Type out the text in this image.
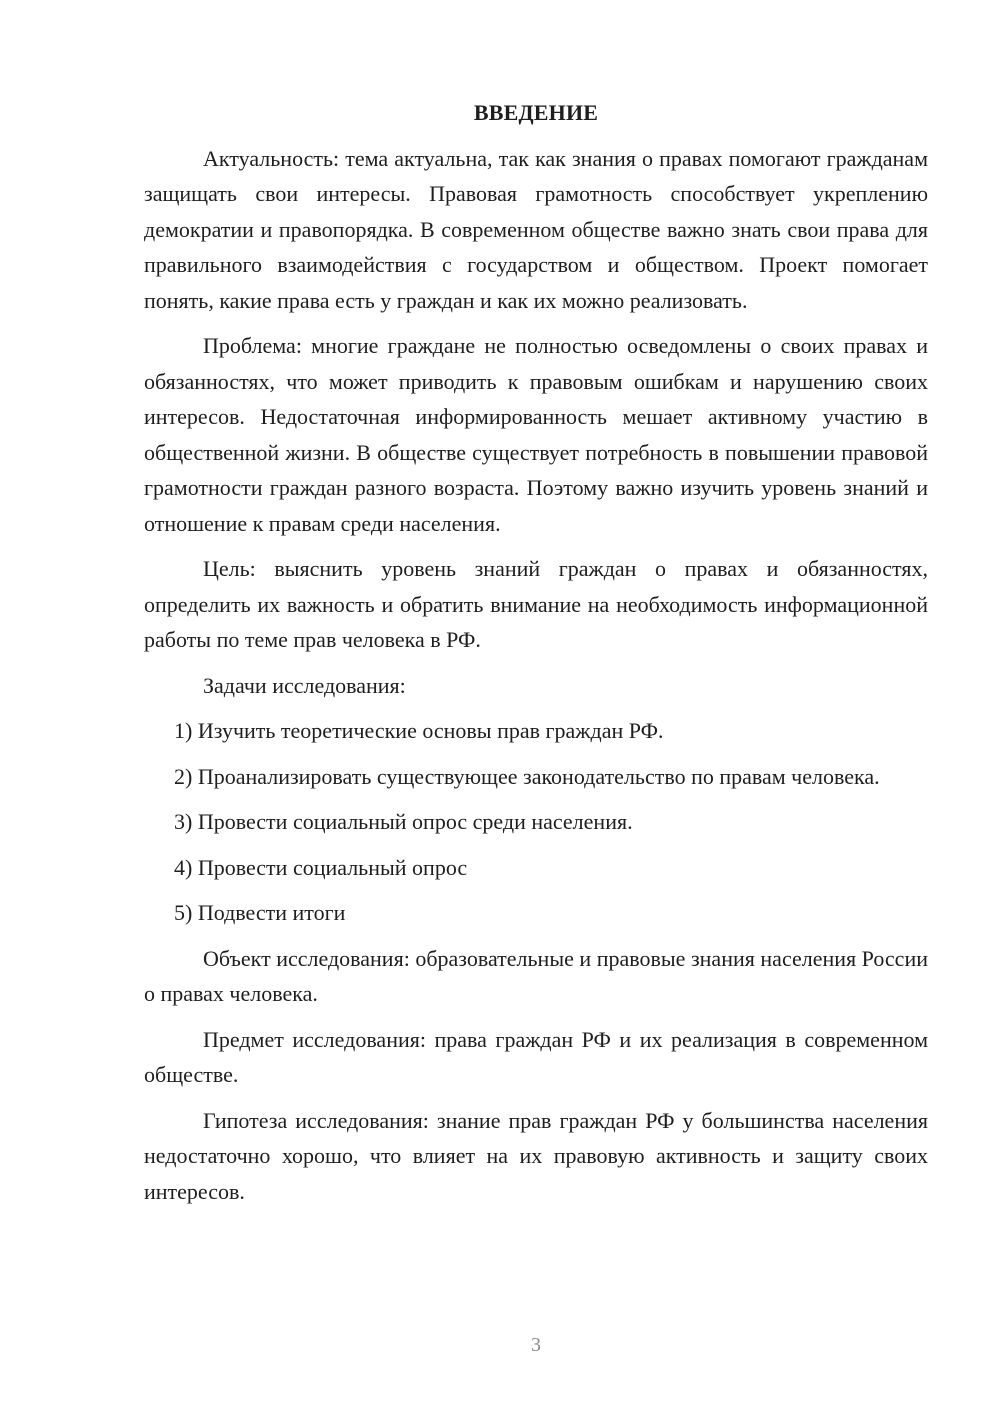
ВВЕДЕНИЕ

Актуальность: тема актуальна, так как знания о правах помогают гражданам защищать свои интересы. Правовая грамотность способствует укреплению демократии и правопорядка. В современном обществе важно знать свои права для правильного взаимодействия с государством и обществом. Проект помогает понять, какие права есть у граждан и как их можно реализовать.

Проблема: многие граждане не полностью осведомлены о своих правах и обязанностях, что может приводить к правовым ошибкам и нарушению своих интересов. Недостаточная информированность мешает активному участию в общественной жизни. В обществе существует потребность в повышении правовой грамотности граждан разного возраста. Поэтому важно изучить уровень знаний и отношение к правам среди населения.

Цель: выяснить уровень знаний граждан о правах и обязанностях, определить их важность и обратить внимание на необходимость информационной работы по теме прав человека в РФ.

Задачи исследования:

1) Изучить теоретические основы прав граждан РФ.

2) Проанализировать существующее законодательство по правам человека.

3) Провести социальный опрос среди населения.

4) Провести социальный опрос

5) Подвести итоги

Объект исследования: образовательные и правовые знания населения России о правах человека.

Предмет исследования: права граждан РФ и их реализация в современном обществе.

Гипотеза исследования: знание прав граждан РФ у большинства населения недостаточно хорошо, что влияет на их правовую активность и защиту своих интересов.

3
